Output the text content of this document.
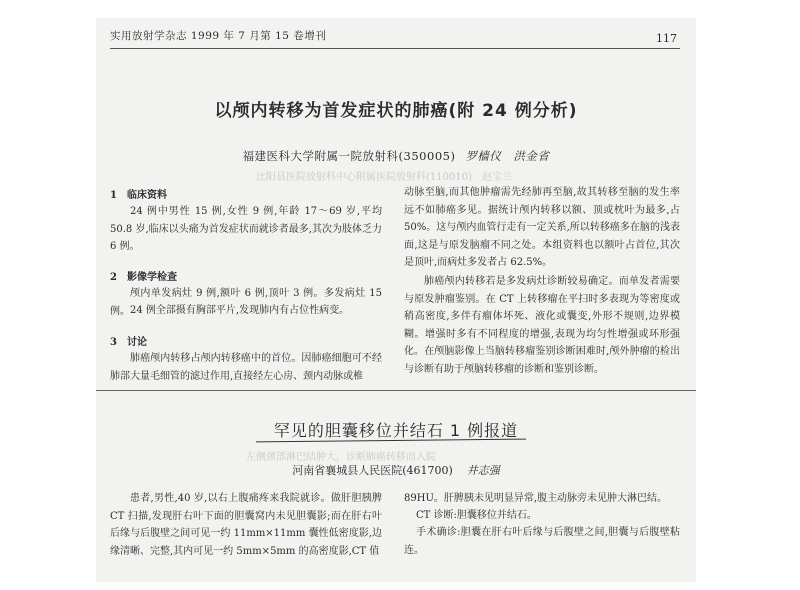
实用放射学杂志 1999 年 7 月第 15 卷增刊	117
以颅内转移为首发症状的肺癌(附 24 例分析)
福建医科大学附属一院放射科(350005) 罗樯仪　洪金省
比阳县医院放射科中心附属医院放射科(110010)　赵宝兰
1　临床资料
24 例中男性 15 例,女性 9 例,年龄 17～69 岁,平均 50.8 岁,临床以头痛为首发症状而就诊者最多,其次为肢体乏力 6 例。
2　影像学检查
颅内单发病灶 9 例,额叶 6 例,顶叶 3 例。多发病灶 15 例。 24 例全部摄有胸部平片,发现肺内有占位性病变。
3　讨论
肺癌颅内转移占颅内转移癌中的首位。因肺癌细胞可不经肺部大量毛细管的滤过作用,直接经左心房、颈内动脉或椎
动脉至脑,而其他肿瘤需先经肺再至脑,故其转移至脑的发生率远不如肺癌多见。据统计颅内转移以额、顶或枕叶为最多,占 50%。这与颅内血管行走有一定关系,所以转移癌多在脑的浅表面,这是与原发脑瘤不同之处。本组资料也以额叶占首位,其次是顶叶,而病灶多发者占 62.5%。
肺癌颅内转移若是多发病灶诊断较易确定。而单发者需要与原发肿瘤鉴别。在 CT 上转移瘤在平扫时多表现为等密度或稍高密度,多伴有瘤体坏死、液化或囊变,外形不规则,边界模糊。增强时多有不同程度的增强,表现为均匀性增强或环形强化。在颅脑影像上当脑转移瘤鉴别诊断困难时,颅外肿瘤的检出与诊断有助于颅脑转移瘤的诊断和鉴别诊断。
罕见的胆囊移位并结石 1 例报道
左侧颈部淋巴结肿大，诊断肺癌转移而入院
河南省襄城县人民医院(461700) 井志强
患者,男性,40 岁,以右上腹痛疼来我院就诊。做肝胆胰脾 CT 扫描,发现肝右叶下面的胆囊窝内未见胆囊影;而在肝右叶后缘与后腹壁之间可见一约 11mm×11mm 囊性低密度影,边缘清晰、完整,其内可见一约 5mm×5mm 的高密度影,CT 值
89HU。肝脾胰未见明显异常,腹主动脉旁未见肿大淋巴结。
CT 诊断:胆囊移位并结石。
手术确诊:胆囊在肝右叶后缘与后腹壁之间,胆囊与后腹壁粘连。
